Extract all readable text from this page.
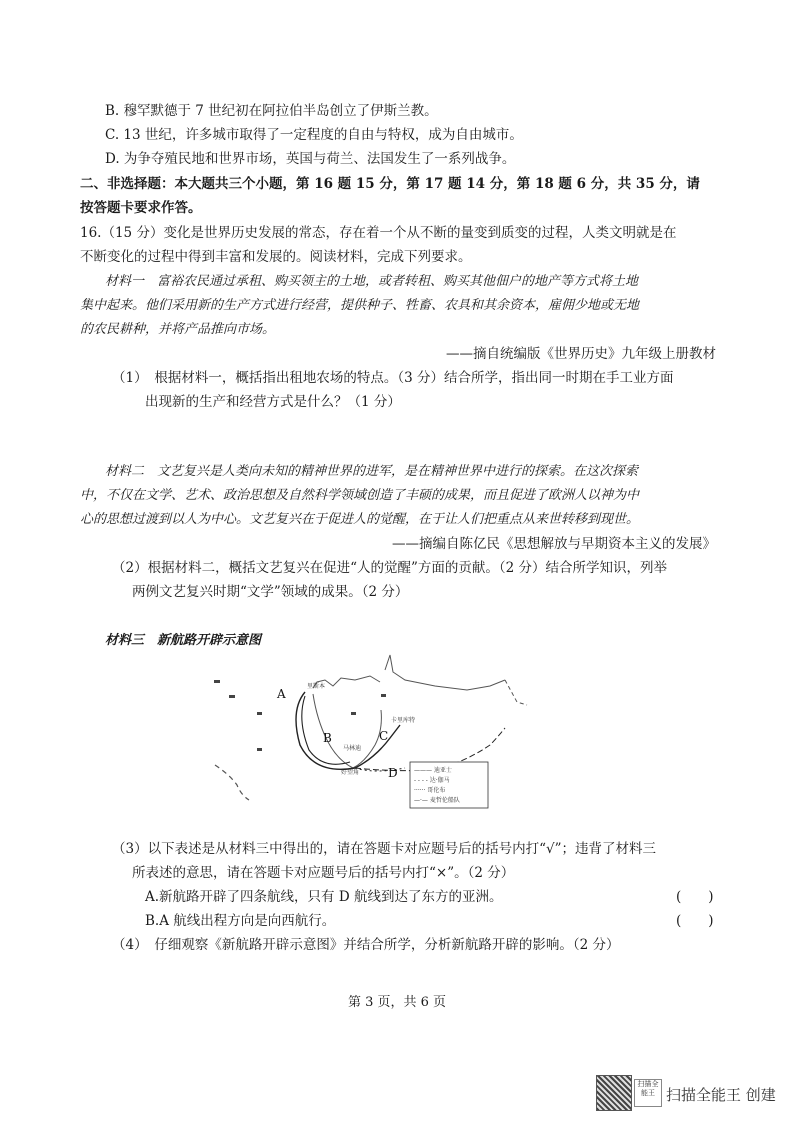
B. 穆罕默德于 7 世纪初在阿拉伯半岛创立了伊斯兰教。
C. 13 世纪，许多城市取得了一定程度的自由与特权，成为自由城市。
D. 为争夺殖民地和世界市场，英国与荷兰、法国发生了一系列战争。
二、非选择题：本大题共三个小题，第 16 题 15 分，第 17 题 14 分，第 18 题 6 分，共 35 分，请
按答题卡要求作答。
16.（15 分）变化是世界历史发展的常态，存在着一个从不断的量变到质变的过程，人类文明就是在
不断变化的过程中得到丰富和发展的。阅读材料，完成下列要求。
材料一　富裕农民通过承租、购买领主的土地，或者转租、购买其他佃户的地产等方式将土地
集中起来。他们采用新的生产方式进行经营，提供种子、牲畜、农具和其余资本，雇佣少地或无地
的农民耕种，并将产品推向市场。
——摘自统编版《世界历史》九年级上册教材
（1）　根据材料一，概括指出租地农场的特点。（3 分）结合所学，指出同一时期在手工业方面
出现新的生产和经营方式是什么？（1 分）
材料二　文艺复兴是人类向未知的精神世界的进军，是在精神世界中进行的探索。在这次探索
中，不仅在文学、艺术、政治思想及自然科学领域创造了丰硕的成果，而且促进了欧洲人以神为中
心的思想过渡到以人为中心。文艺复兴在于促进人的觉醒，在于让人们把重点从来世转移到现世。
——摘编自陈亿民《思想解放与早期资本主义的发展》
（2）根据材料二，概括文艺复兴在促进“人的觉醒”方面的贡献。（2 分）结合所学知识，列举
两例文艺复兴时期“文学”领域的成果。（2 分）
材料三　新航路开辟示意图
A
B	C
D
里斯本
好望角
卡里库特
马林迪
——— 迪亚士
- - - - 达·伽马
······ 哥伦布
—·— 麦哲伦船队
（3）以下表述是从材料三中得出的，请在答题卡对应题号后的括号内打“√”；违背了材料三
所表述的意思，请在答题卡对应题号后的括号内打“×”。（2 分）
A.新航路开辟了四条航线，只有 D 航线到达了东方的亚洲。	(　　)
B.A 航线出程方向是向西航行。	(　　)
（4）　仔细观察《新航路开辟示意图》并结合所学，分析新航路开辟的影响。（2 分）
第 3 页，共 6 页
扫描全能王 扫描全能王 创建
